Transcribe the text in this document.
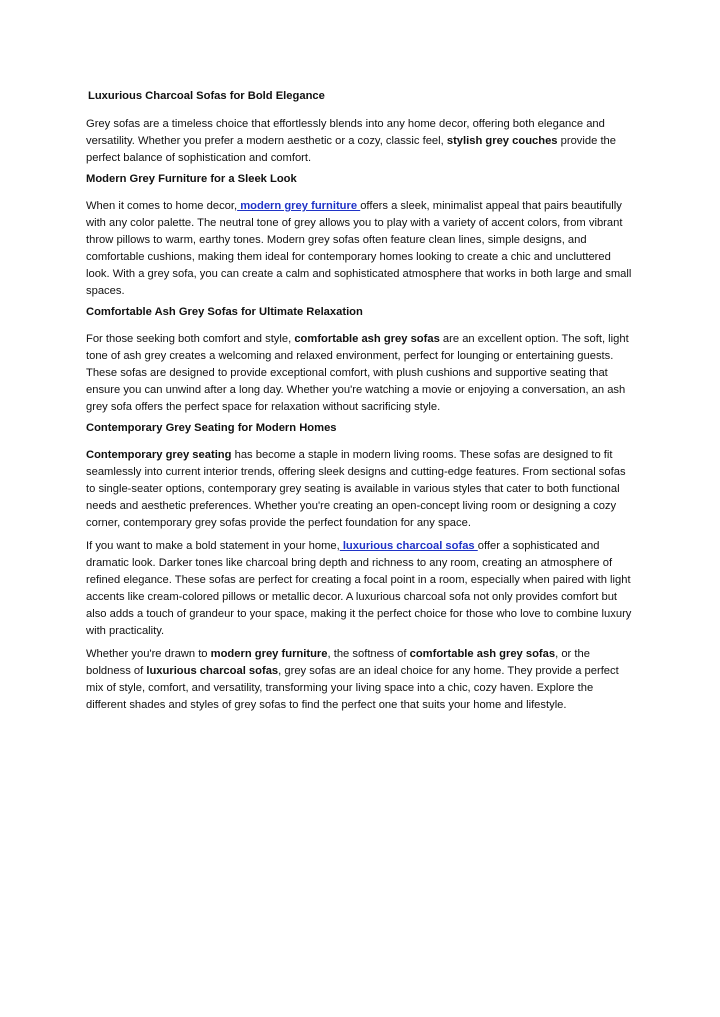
Luxurious Charcoal Sofas for Bold Elegance

Grey sofas are a timeless choice that effortlessly blends into any home decor, offering both elegance and versatility. Whether you prefer a modern aesthetic or a cozy, classic feel, stylish grey couches provide the perfect balance of sophistication and comfort.

Modern Grey Furniture for a Sleek Look

When it comes to home decor, modern grey furniture offers a sleek, minimalist appeal that pairs beautifully with any color palette. The neutral tone of grey allows you to play with a variety of accent colors, from vibrant throw pillows to warm, earthy tones. Modern grey sofas often feature clean lines, simple designs, and comfortable cushions, making them ideal for contemporary homes looking to create a chic and uncluttered look. With a grey sofa, you can create a calm and sophisticated atmosphere that works in both large and small spaces.

Comfortable Ash Grey Sofas for Ultimate Relaxation

For those seeking both comfort and style, comfortable ash grey sofas are an excellent option. The soft, light tone of ash grey creates a welcoming and relaxed environment, perfect for lounging or entertaining guests. These sofas are designed to provide exceptional comfort, with plush cushions and supportive seating that ensure you can unwind after a long day. Whether you're watching a movie or enjoying a conversation, an ash grey sofa offers the perfect space for relaxation without sacrificing style.

Contemporary Grey Seating for Modern Homes

Contemporary grey seating has become a staple in modern living rooms. These sofas are designed to fit seamlessly into current interior trends, offering sleek designs and cutting-edge features. From sectional sofas to single-seater options, contemporary grey seating is available in various styles that cater to both functional needs and aesthetic preferences. Whether you're creating an open-concept living room or designing a cozy corner, contemporary grey sofas provide the perfect foundation for any space.

If you want to make a bold statement in your home, luxurious charcoal sofas offer a sophisticated and dramatic look. Darker tones like charcoal bring depth and richness to any room, creating an atmosphere of refined elegance. These sofas are perfect for creating a focal point in a room, especially when paired with light accents like cream-colored pillows or metallic decor. A luxurious charcoal sofa not only provides comfort but also adds a touch of grandeur to your space, making it the perfect choice for those who love to combine luxury with practicality.

Whether you're drawn to modern grey furniture, the softness of comfortable ash grey sofas, or the boldness of luxurious charcoal sofas, grey sofas are an ideal choice for any home. They provide a perfect mix of style, comfort, and versatility, transforming your living space into a chic, cozy haven. Explore the different shades and styles of grey sofas to find the perfect one that suits your home and lifestyle.
